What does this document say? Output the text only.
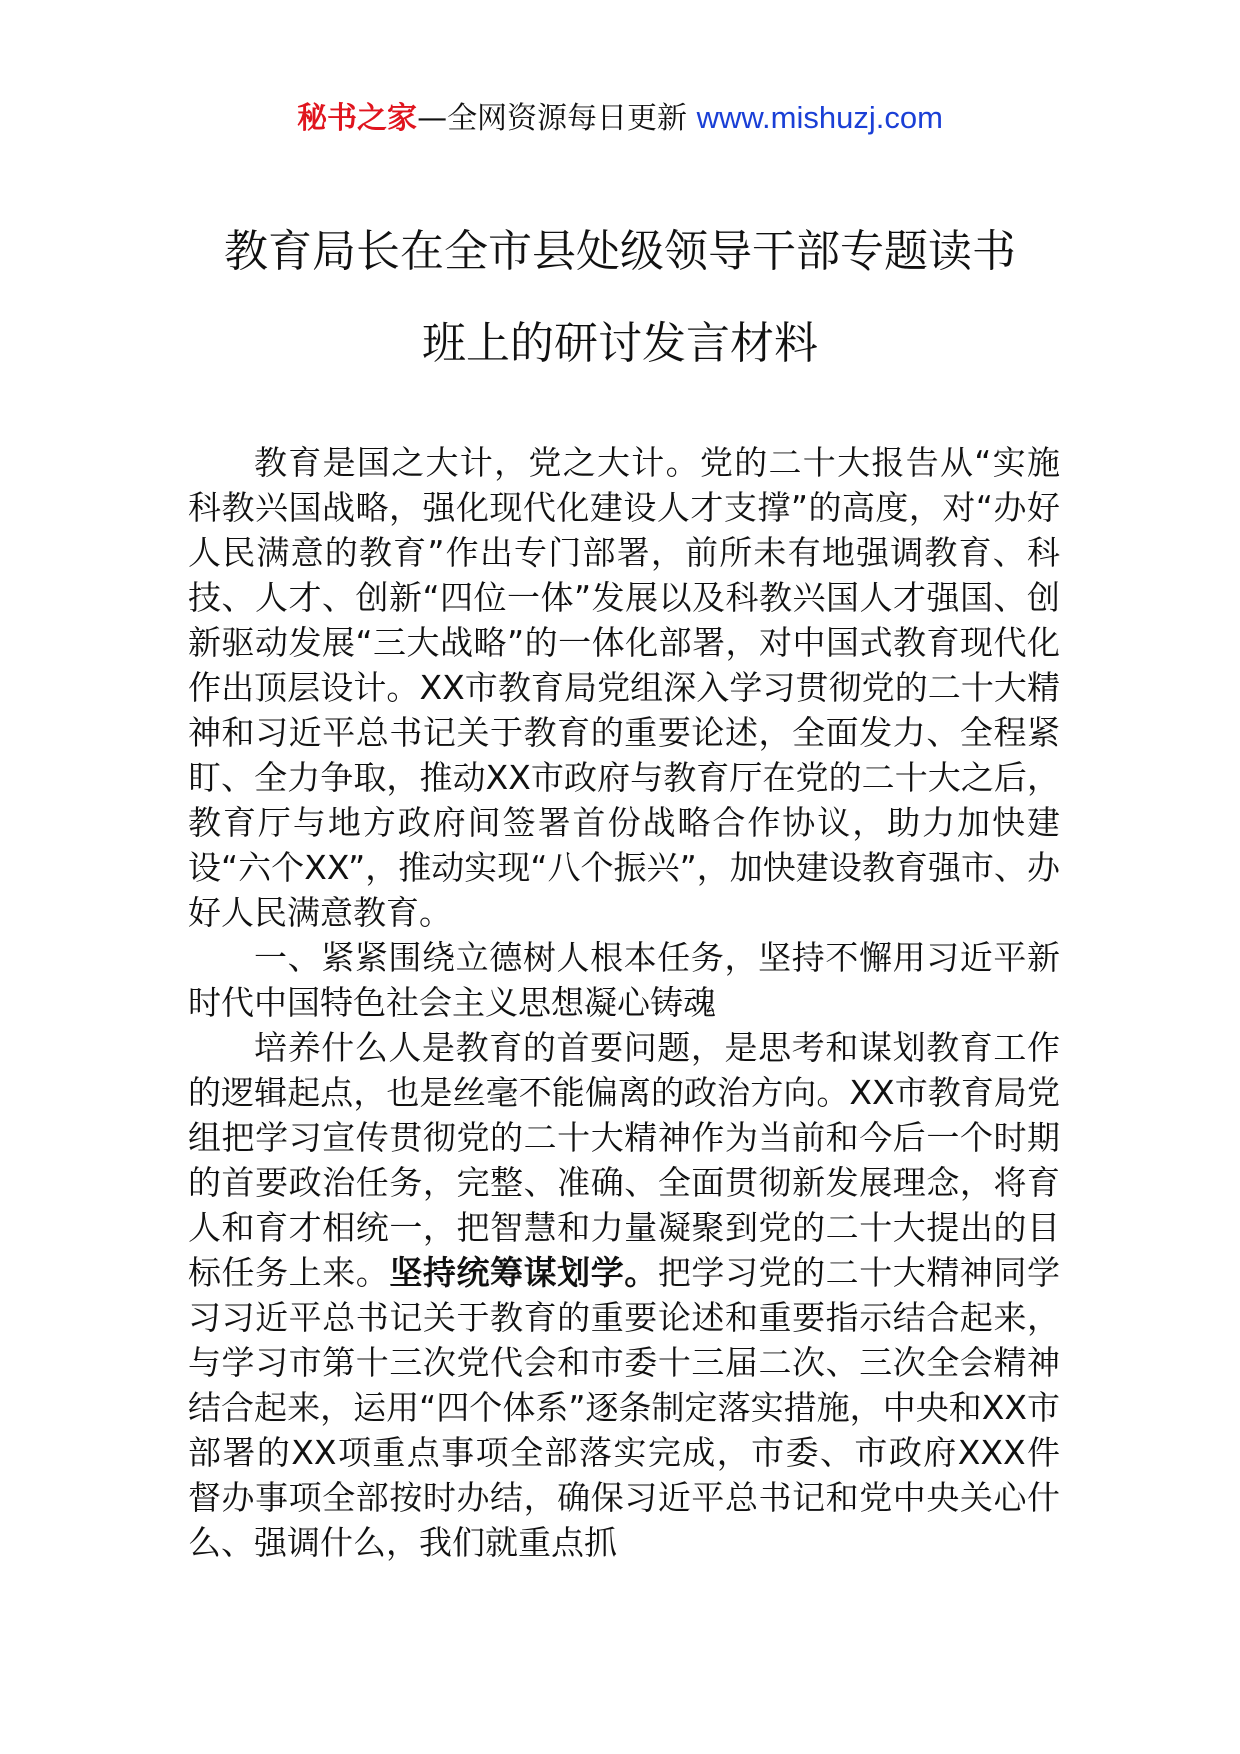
秘书之家—全网资源每日更新 www.mishuzj.com
教育局长在全市县处级领导干部专题读书
班上的研讨发言材料

教育是国之大计，党之大计。党的二十大报告从“实施科教兴国战略，强化现代化建设人才支撑”的高度，对“办好人民满意的教育”作出专门部署，前所未有地强调教育、科技、人才、创新“四位一体”发展以及科教兴国人才强国、创新驱动发展“三大战略”的一体化部署，对中国式教育现代化作出顶层设计。XX市教育局党组深入学习贯彻党的二十大精神和习近平总书记关于教育的重要论述，全面发力、全程紧盯、全力争取，推动XX市政府与教育厅在党的二十大之后，教育厅与地方政府间签署首份战略合作协议，助力加快建设“六个XX”，推动实现“八个振兴”，加快建设教育强市、办好人民满意教育。

一、紧紧围绕立德树人根本任务，坚持不懈用习近平新时代中国特色社会主义思想凝心铸魂

培养什么人是教育的首要问题，是思考和谋划教育工作的逻辑起点，也是丝毫不能偏离的政治方向。XX市教育局党组把学习宣传贯彻党的二十大精神作为当前和今后一个时期的首要政治任务，完整、准确、全面贯彻新发展理念，将育人和育才相统一，把智慧和力量凝聚到党的二十大提出的目标任务上来。坚持统筹谋划学。把学习党的二十大精神同学习习近平总书记关于教育的重要论述和重要指示结合起来，与学习市第十三次党代会和市委十三届二次、三次全会精神结合起来，运用“四个体系”逐条制定落实措施，中央和XX市部署的XX项重点事项全部落实完成，市委、市政府XXX件督办事项全部按时办结，确保习近平总书记和党中央关心什么、强调什么，我们就重点抓
